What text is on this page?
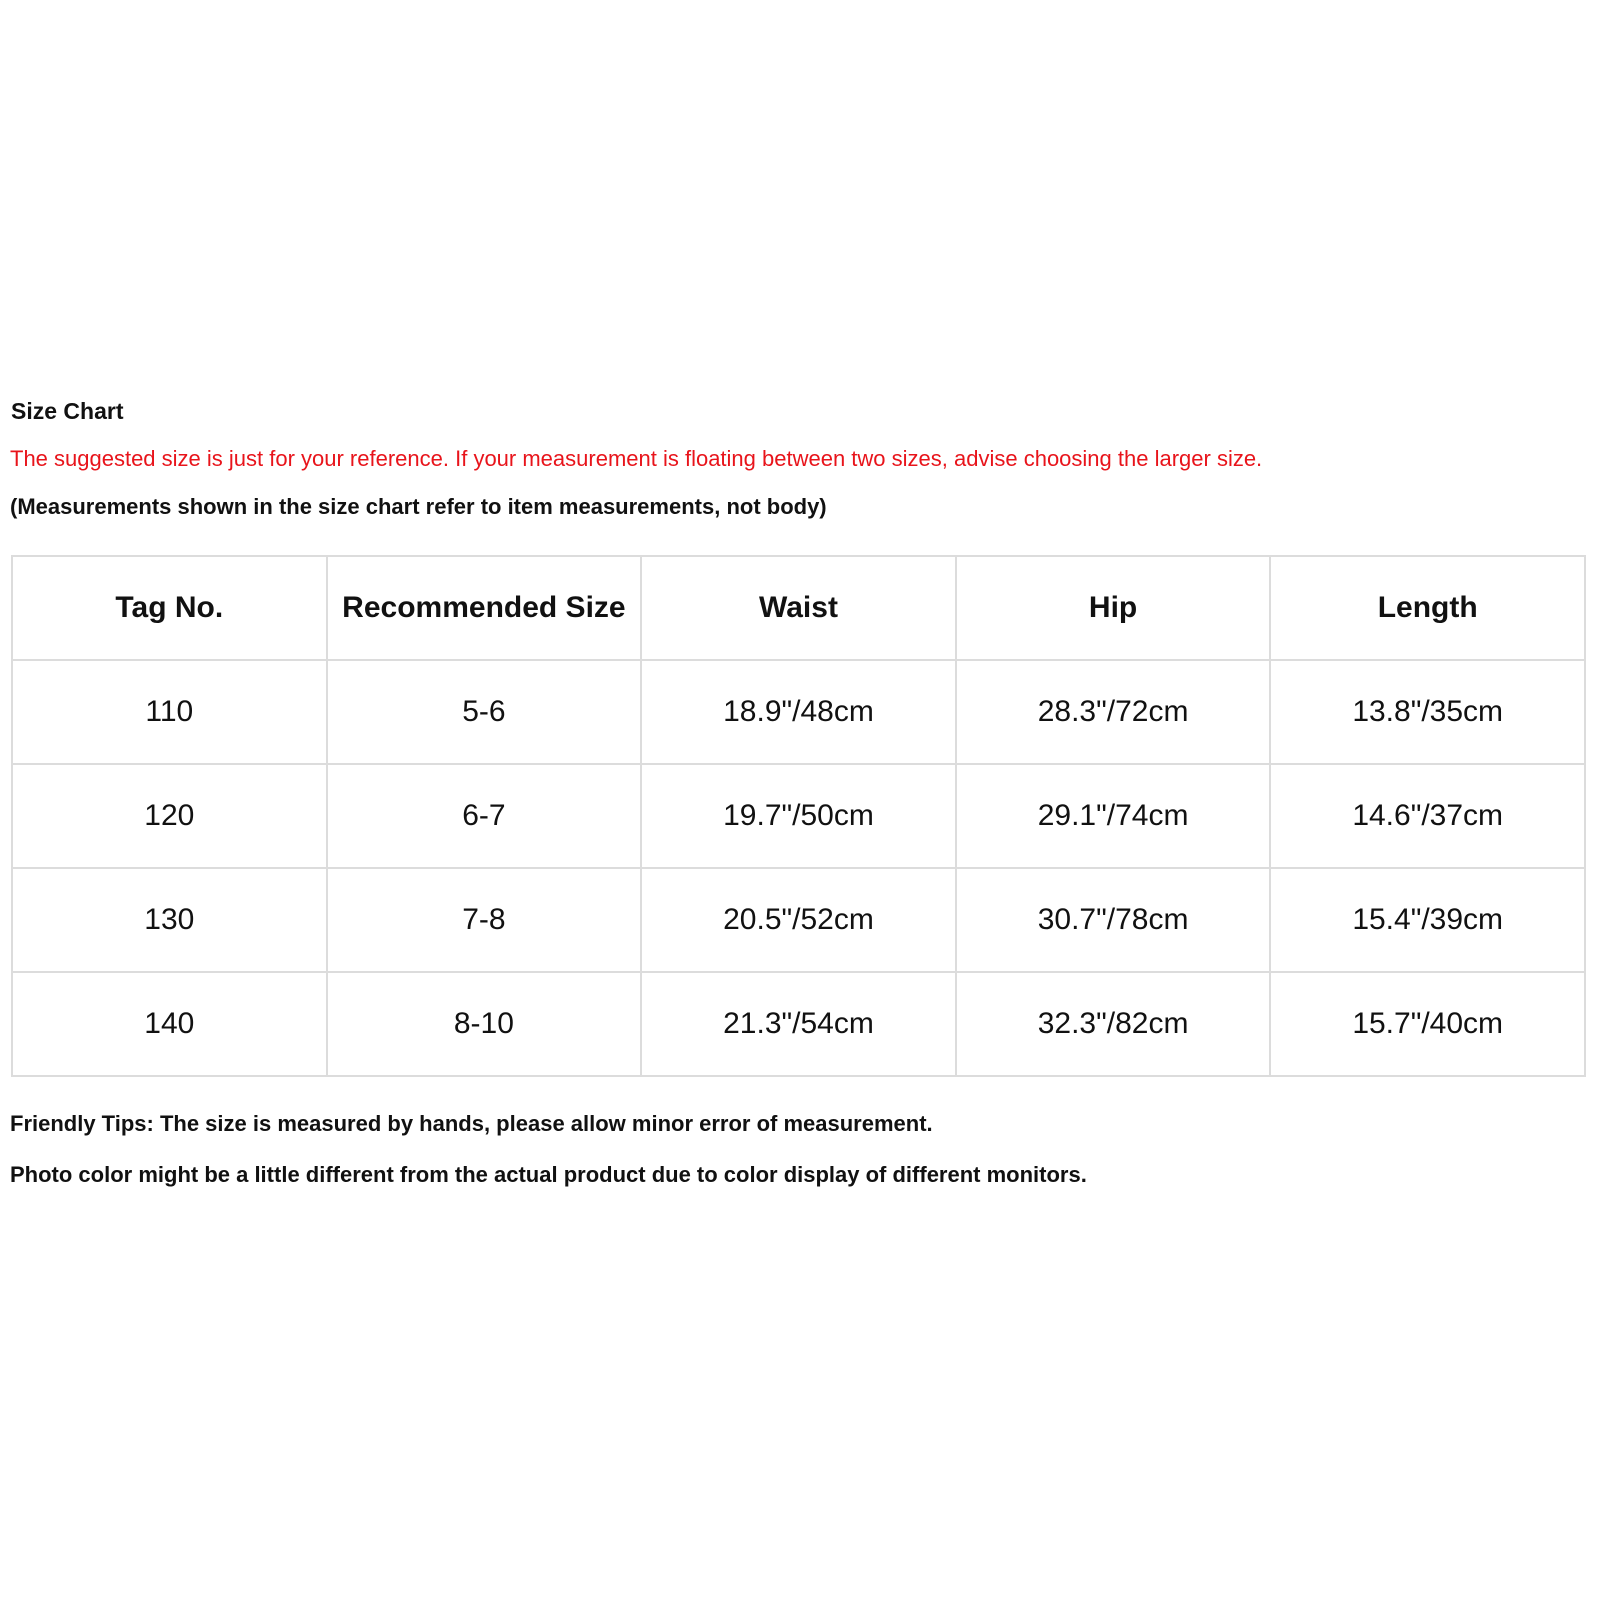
Size Chart
The suggested size is just for your reference. If your measurement is floating between two sizes, advise choosing the larger size.
(Measurements shown in the size chart refer to item measurements, not body)
Tag No.	Recommended Size	Waist	Hip	Length
110	5-6	18.9"/48cm	28.3"/72cm	13.8"/35cm
120	6-7	19.7"/50cm	29.1"/74cm	14.6"/37cm
130	7-8	20.5"/52cm	30.7"/78cm	15.4"/39cm
140	8-10	21.3"/54cm	32.3"/82cm	15.7"/40cm
Friendly Tips: The size is measured by hands, please allow minor error of measurement.
Photo color might be a little different from the actual product due to color display of different monitors.
